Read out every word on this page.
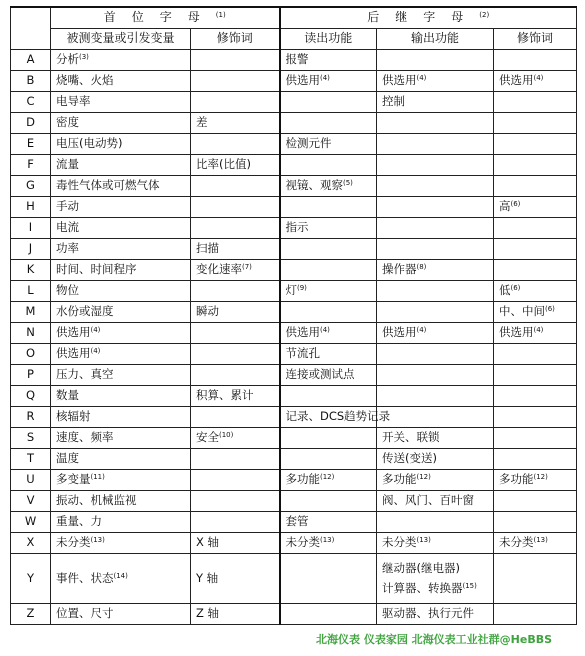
	首位字母$^{(1)}$		后继字母$^{(2)}$
	被测变量或引发变量	修饰词	读出功能	输出功能	修饰词
A	分析$^{(3)}$		报警		
B	烧嘴、火焰		供选用$^{(4)}$	供选用$^{(4)}$	供选用$^{(4)}$
C	电导率			控制	
D	密度	差			
E	电压(电动势)		检测元件		
F	流量	比率(比值)			
G	毒性气体或可燃气体		视镜、观察$^{(5)}$		
H	手动				高$^{(6)}$
I	电流		指示		
J	功率	扫描			
K	时间、时间程序	变化速率$^{(7)}$		操作器$^{(8)}$	
L	物位		灯$^{(9)}$		低$^{(6)}$
M	水份或湿度	瞬动			中、中间$^{(6)}$
N	供选用$^{(4)}$		供选用$^{(4)}$	供选用$^{(4)}$	供选用$^{(4)}$
O	供选用$^{(4)}$		节流孔		
P	压力、真空		连接或测试点		
Q	数量	积算、累计			
R	核辐射		记录、DCS趋势记录		
S	速度、频率	安全$^{(10)}$		开关、联锁	
T	温度			传送(变送)	
U	多变量$^{(11)}$		多功能$^{(12)}$	多功能$^{(12)}$	多功能$^{(12)}$
V	振动、机械监视			阀、风门、百叶窗	
W	重量、力		套管		
X	未分类$^{(13)}$	X 轴	未分类$^{(13)}$	未分类$^{(13)}$	未分类$^{(13)}$
Y	事件、状态$^{(14)}$	Y 轴		继动器(继电器)
计算器、转换器$^{(15)}$

Z	位置、尺寸	Z 轴		驱动器、执行元件	
北海仪表 仪表家园 北海仪表工业社群@HeBBS
